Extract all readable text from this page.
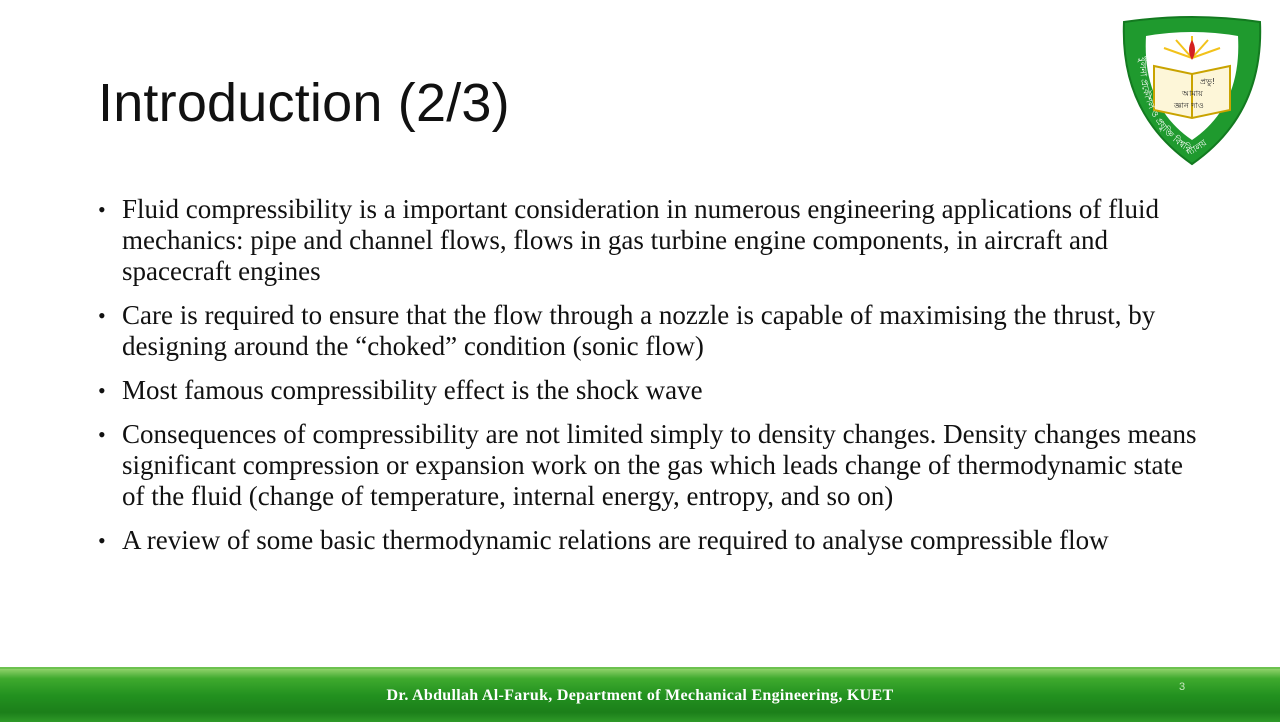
Introduction (2/3)	প্রভু!
আমায়
জ্ঞান দাও
খুলনা প্রকৌশল ও প্রযুক্তি বিশ্ববিদ্যালয়
• Fluid compressibility is a important consideration in numerous engineering applications of fluid mechanics: pipe and channel flows, flows in gas turbine engine components, in aircraft and spacecraft engines
• Care is required to ensure that the flow through a nozzle is capable of maximising the thrust, by designing around the “choked” condition (sonic flow)
• Most famous compressibility effect is the shock wave
• Consequences of compressibility are not limited simply to density changes. Density changes means significant compression or expansion work on the gas which leads change of thermodynamic state of the fluid (change of temperature, internal energy, entropy, and so on)
• A review of some basic thermodynamic relations are required to analyse compressible flow
3
Dr. Abdullah Al-Faruk, Department of Mechanical Engineering, KUET
